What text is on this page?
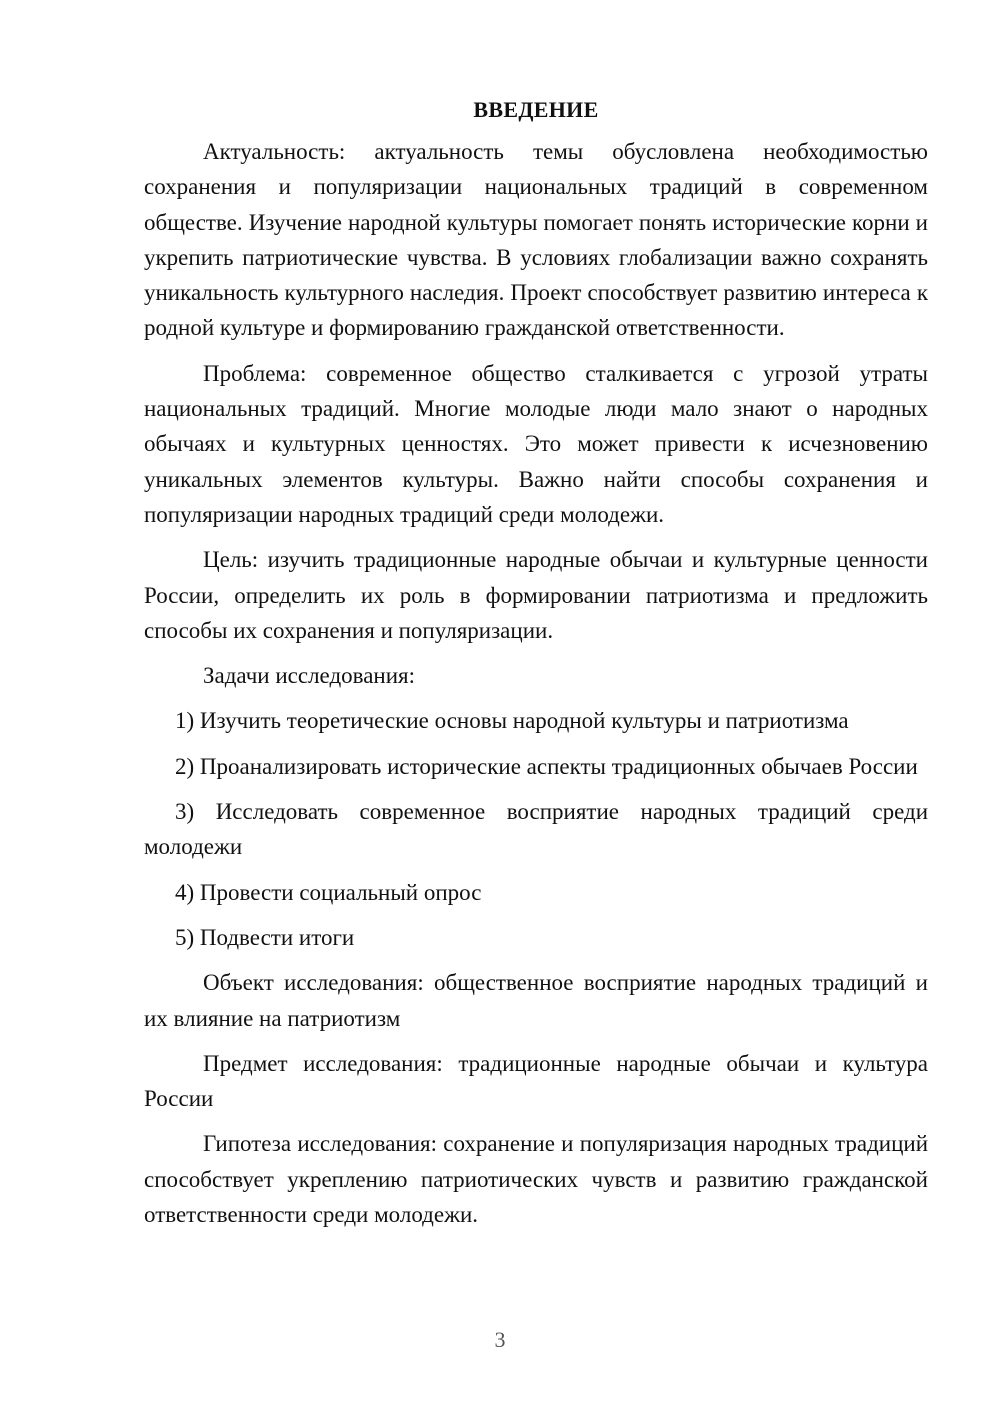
ВВЕДЕНИЕ
Актуальность: актуальность темы обусловлена необходимостью сохранения и популяризации национальных традиций в современном обществе. Изучение народной культуры помогает понять исторические корни и укрепить патриотические чувства. В условиях глобализации важно сохранять уникальность культурного наследия. Проект способствует развитию интереса к родной культуре и формированию гражданской ответственности.
Проблема: современное общество сталкивается с угрозой утраты национальных традиций. Многие молодые люди мало знают о народных обычаях и культурных ценностях. Это может привести к исчезновению уникальных элементов культуры. Важно найти способы сохранения и популяризации народных традиций среди молодежи.
Цель: изучить традиционные народные обычаи и культурные ценности России, определить их роль в формировании патриотизма и предложить способы их сохранения и популяризации.
Задачи исследования:
1) Изучить теоретические основы народной культуры и патриотизма
2) Проанализировать исторические аспекты традиционных обычаев России
3) Исследовать современное восприятие народных традиций среди молодежи
4) Провести социальный опрос
5) Подвести итоги
Объект исследования: общественное восприятие народных традиций и их влияние на патриотизм
Предмет исследования: традиционные народные обычаи и культура России
Гипотеза исследования: сохранение и популяризация народных традиций способствует укреплению патриотических чувств и развитию гражданской ответственности среди молодежи.
3
